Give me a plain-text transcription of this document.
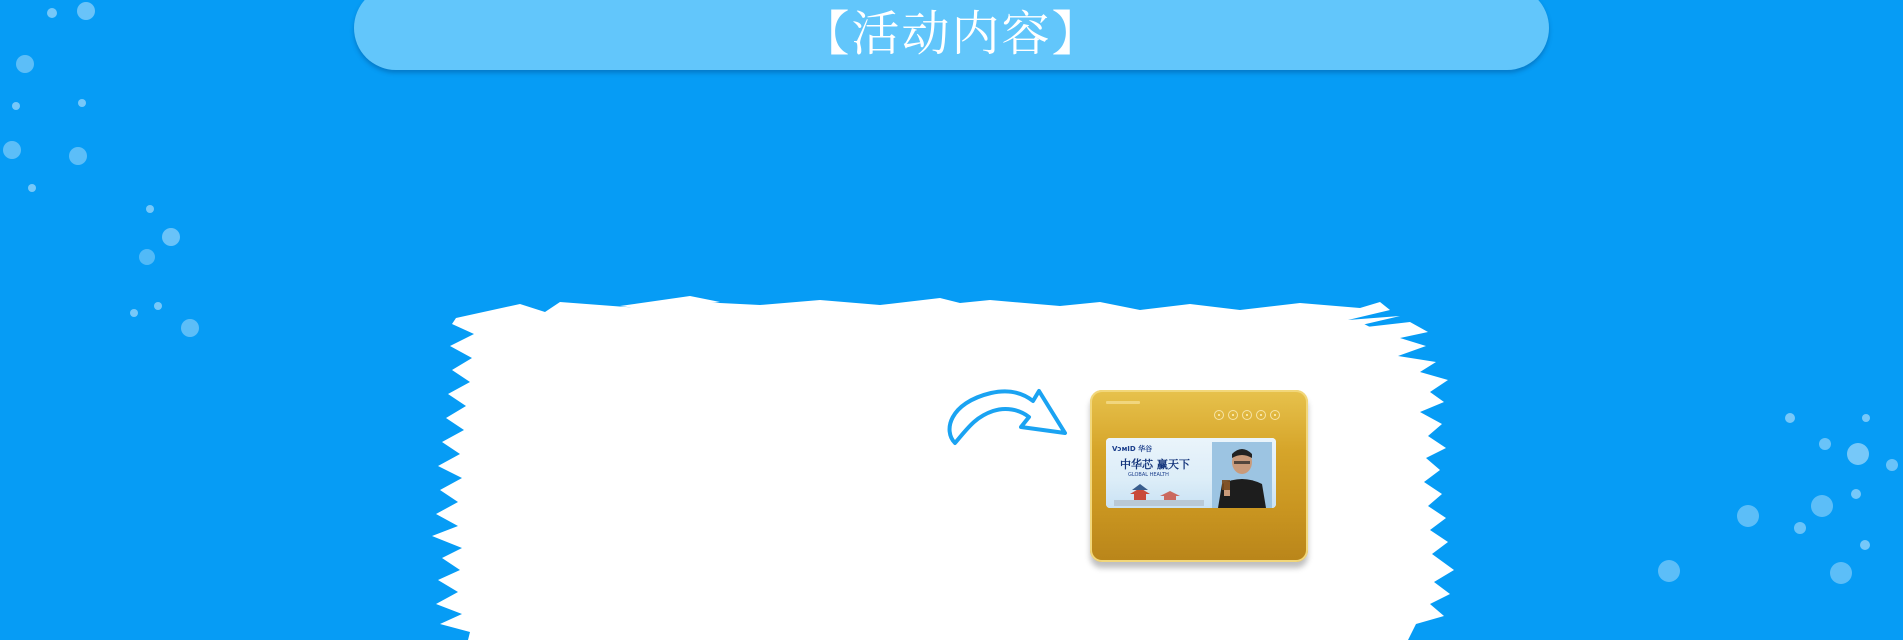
【活动内容】
VᴐᴍID 华谷
中华芯 赢天下
GLOBAL HEALTH
